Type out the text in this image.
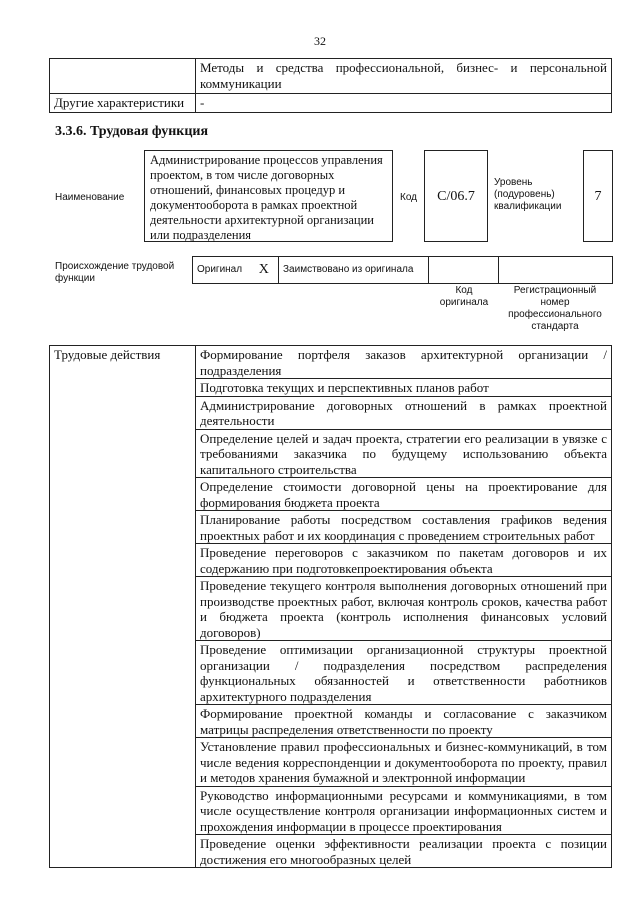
32
	Методы и средства профессиональной, бизнес- и персональной коммуникации
Другие характеристики	-
3.3.6. Трудовая функция
Наименование
Администрирование процессов управления проектом, в том числе договорных отношений, финансовых процедур и документооборота в рамках проектной деятельности архитектурной организации или подразделения
Код	C/06.7
Уровень (подуровень) квалификации
7
Происхождение трудовой функции
Оригинал	X	Заимствовано из оригинала		
Код оригинала
Регистрационный номер профессионального стандарта
Трудовые действия	Формирование портфеля заказов архитектурной организации / подразделения
Подготовка текущих и перспективных планов работ
Администрирование договорных отношений в рамках проектной деятельности
Определение целей и задач проекта, стратегии его реализации в увязке с требованиями заказчика по будущему использованию объекта капитального строительства
Определение стоимости договорной цены на проектирование для формирования бюджета проекта
Планирование работы посредством составления графиков ведения проектных работ и их координация с проведением строительных работ
Проведение переговоров с заказчиком по пакетам договоров и их содержанию при подготовкепроектирования объекта
Проведение текущего контроля выполнения договорных отношений при производстве проектных работ, включая контроль сроков, качества работ и бюджета проекта (контроль исполнения финансовых условий договоров)
Проведение оптимизации организационной структуры проектной организации / подразделения посредством распределения функциональных обязанностей и ответственности работников архитектурного подразделения
Формирование проектной команды и согласование с заказчиком матрицы распределения ответственности по проекту
Установление правил профессиональных и бизнес-коммуникаций, в том числе ведения корреспонденции и документооборота по проекту, правил и методов хранения бумажной и электронной информации
Руководство информационными ресурсами и коммуникациями, в том числе осуществление контроля организации информационных систем и прохождения информации в процессе проектирования
Проведение оценки эффективности реализации проекта с позиции достижения его многообразных целей
